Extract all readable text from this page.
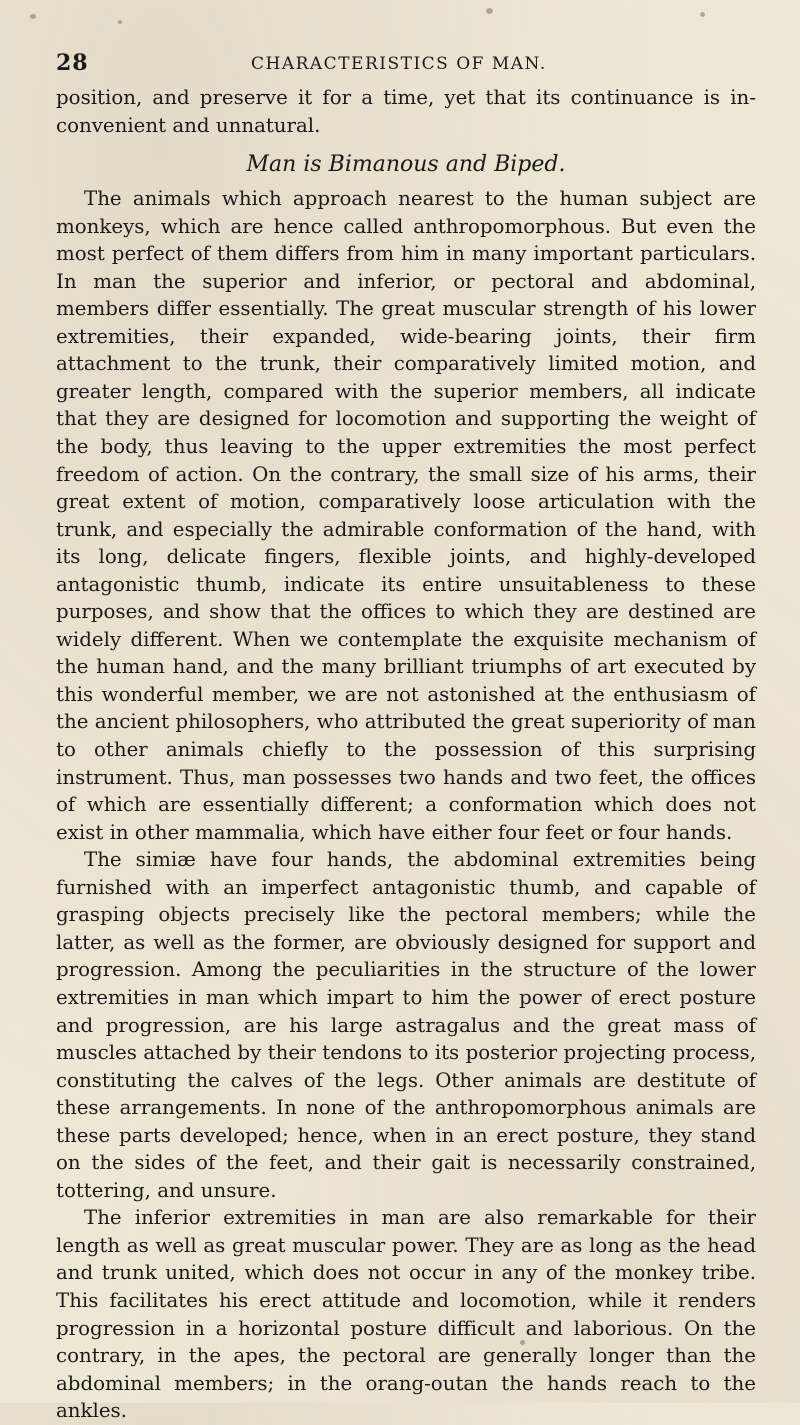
28	CHARACTERISTICS OF MAN.

position, and preserve it for a time, yet that its continuance is inconvenient and unnatural.

Man is Bimanous and Biped.

The animals which approach nearest to the human subject are monkeys, which are hence called anthropomorphous. But even the most perfect of them differs from him in many important particulars. In man the superior and inferior, or pectoral and abdominal, members differ essentially. The great muscular strength of his lower extremities, their expanded, wide-bearing joints, their firm attachment to the trunk, their comparatively limited motion, and greater length, compared with the superior members, all indicate that they are designed for locomotion and supporting the weight of the body, thus leaving to the upper extremities the most perfect freedom of action. On the contrary, the small size of his arms, their great extent of motion, comparatively loose articulation with the trunk, and especially the admirable conformation of the hand, with its long, delicate fingers, flexible joints, and highly-developed antagonistic thumb, indicate its entire unsuitableness to these purposes, and show that the offices to which they are destined are widely different. When we contemplate the exquisite mechanism of the human hand, and the many brilliant triumphs of art executed by this wonderful member, we are not astonished at the enthusiasm of the ancient philosophers, who attributed the great superiority of man to other animals chiefly to the possession of this surprising instrument. Thus, man possesses two hands and two feet, the offices of which are essentially different; a conformation which does not exist in other mammalia, which have either four feet or four hands.

The simiæ have four hands, the abdominal extremities being furnished with an imperfect antagonistic thumb, and capable of grasping objects precisely like the pectoral members; while the latter, as well as the former, are obviously designed for support and progression. Among the peculiarities in the structure of the lower extremities in man which impart to him the power of erect posture and progression, are his large astragalus and the great mass of muscles attached by their tendons to its posterior projecting process, constituting the calves of the legs. Other animals are destitute of these arrangements. In none of the anthropomorphous animals are these parts developed; hence, when in an erect posture, they stand on the sides of the feet, and their gait is necessarily constrained, tottering, and unsure.

The inferior extremities in man are also remarkable for their length as well as great muscular power. They are as long as the head and trunk united, which does not occur in any of the monkey tribe. This facilitates his erect attitude and locomotion, while it renders progression in a horizontal posture difficult and laborious. On the contrary, in the apes, the pectoral are generally longer than the abdominal members; in the orang-outan the hands reach to the ankles.
